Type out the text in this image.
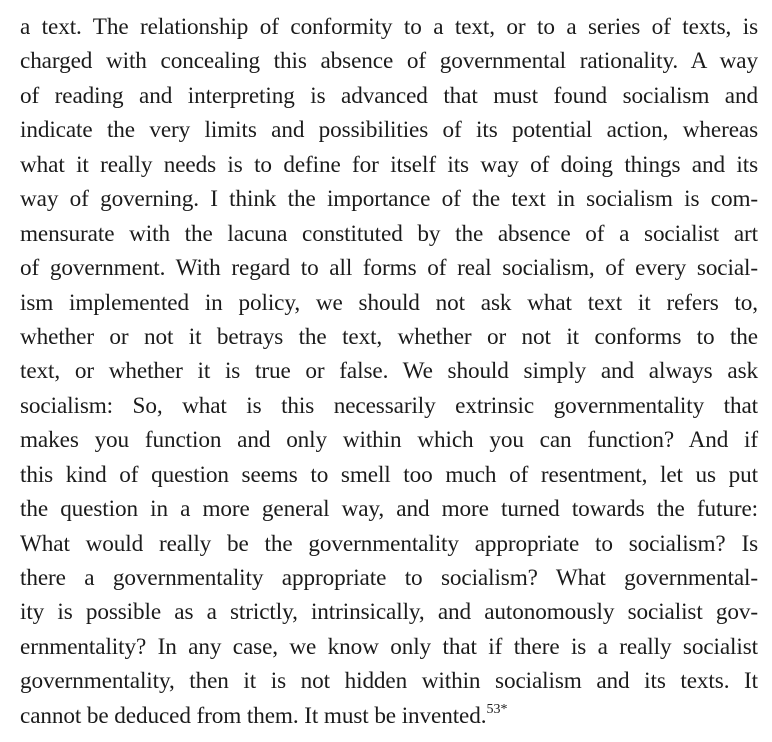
a text. The relationship of conformity to a text, or to a series of texts, is
charged with concealing this absence of governmental rationality. A way
of reading and interpreting is advanced that must found socialism and
indicate the very limits and possibilities of its potential action, whereas
what it really needs is to define for itself its way of doing things and its
way of governing. I think the importance of the text in socialism is com-
mensurate with the lacuna constituted by the absence of a socialist art
of government. With regard to all forms of real socialism, of every social-
ism implemented in policy, we should not ask what text it refers to,
whether or not it betrays the text, whether or not it conforms to the
text, or whether it is true or false. We should simply and always ask
socialism: So, what is this necessarily extrinsic governmentality that
makes you function and only within which you can function? And if
this kind of question seems to smell too much of resentment, let us put
the question in a more general way, and more turned towards the future:
What would really be the governmentality appropriate to socialism? Is
there a governmentality appropriate to socialism? What governmental-
ity is possible as a strictly, intrinsically, and autonomously socialist gov-
ernmentality? In any case, we know only that if there is a really socialist
governmentality, then it is not hidden within socialism and its texts. It
cannot be deduced from them. It must be invented.$^{53*}$
